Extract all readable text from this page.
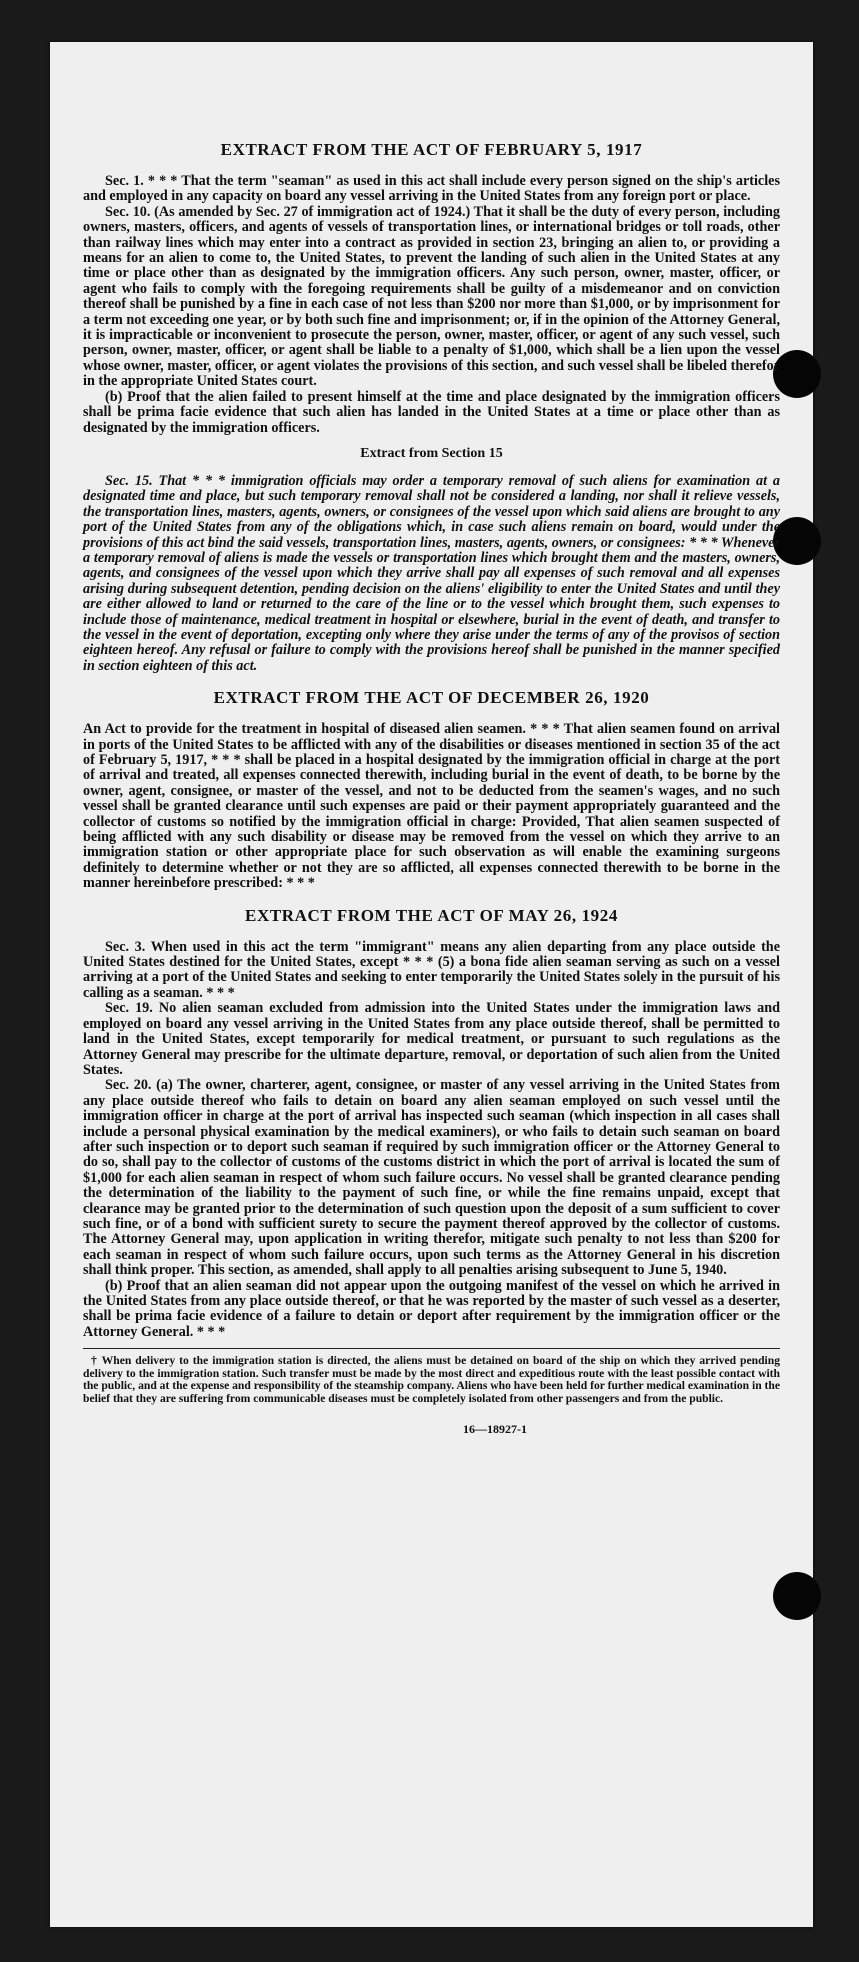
EXTRACT FROM THE ACT OF FEBRUARY 5, 1917

Sec. 1. * * * That the term "seaman" as used in this act shall include every person signed on the ship's articles and employed in any capacity on board any vessel arriving in the United States from any foreign port or place.

Sec. 10. (As amended by Sec. 27 of immigration act of 1924.) That it shall be the duty of every person, including owners, masters, officers, and agents of vessels of transportation lines, or international bridges or toll roads, other than railway lines which may enter into a contract as provided in section 23, bringing an alien to, or providing a means for an alien to come to, the United States, to prevent the landing of such alien in the United States at any time or place other than as designated by the immigration officers. Any such person, owner, master, officer, or agent who fails to comply with the foregoing requirements shall be guilty of a misdemeanor and on conviction thereof shall be punished by a fine in each case of not less than $200 nor more than $1,000, or by imprisonment for a term not exceeding one year, or by both such fine and imprisonment; or, if in the opinion of the Attorney General, it is impracticable or inconvenient to prosecute the person, owner, master, officer, or agent of any such vessel, such person, owner, master, officer, or agent shall be liable to a penalty of $1,000, which shall be a lien upon the vessel whose owner, master, officer, or agent violates the provisions of this section, and such vessel shall be libeled therefor in the appropriate United States court.

(b) Proof that the alien failed to present himself at the time and place designated by the immigration officers shall be prima facie evidence that such alien has landed in the United States at a time or place other than as designated by the immigration officers.

Extract from Section 15

Sec. 15. That * * * immigration officials may order a temporary removal of such aliens for examination at a designated time and place, but such temporary removal shall not be considered a landing, nor shall it relieve vessels, the transportation lines, masters, agents, owners, or consignees of the vessel upon which said aliens are brought to any port of the United States from any of the obligations which, in case such aliens remain on board, would under the provisions of this act bind the said vessels, transportation lines, masters, agents, owners, or consignees: * * * Whenever a temporary removal of aliens is made the vessels or transportation lines which brought them and the masters, owners, agents, and consignees of the vessel upon which they arrive shall pay all expenses of such removal and all expenses arising during subsequent detention, pending decision on the aliens' eligibility to enter the United States and until they are either allowed to land or returned to the care of the line or to the vessel which brought them, such expenses to include those of maintenance, medical treatment in hospital or elsewhere, burial in the event of death, and transfer to the vessel in the event of deportation, excepting only where they arise under the terms of any of the provisos of section eighteen hereof. Any refusal or failure to comply with the provisions hereof shall be punished in the manner specified in section eighteen of this act.

EXTRACT FROM THE ACT OF DECEMBER 26, 1920

An Act to provide for the treatment in hospital of diseased alien seamen. * * * That alien seamen found on arrival in ports of the United States to be afflicted with any of the disabilities or diseases mentioned in section 35 of the act of February 5, 1917, * * * shall be placed in a hospital designated by the immigration official in charge at the port of arrival and treated, all expenses connected therewith, including burial in the event of death, to be borne by the owner, agent, consignee, or master of the vessel, and not to be deducted from the seamen's wages, and no such vessel shall be granted clearance until such expenses are paid or their payment appropriately guaranteed and the collector of customs so notified by the immigration official in charge: Provided, That alien seamen suspected of being afflicted with any such disability or disease may be removed from the vessel on which they arrive to an immigration station or other appropriate place for such observation as will enable the examining surgeons definitely to determine whether or not they are so afflicted, all expenses connected therewith to be borne in the manner hereinbefore prescribed: * * *

EXTRACT FROM THE ACT OF MAY 26, 1924

Sec. 3. When used in this act the term "immigrant" means any alien departing from any place outside the United States destined for the United States, except * * * (5) a bona fide alien seaman serving as such on a vessel arriving at a port of the United States and seeking to enter temporarily the United States solely in the pursuit of his calling as a seaman. * * *

Sec. 19. No alien seaman excluded from admission into the United States under the immigration laws and employed on board any vessel arriving in the United States from any place outside thereof, shall be permitted to land in the United States, except temporarily for medical treatment, or pursuant to such regulations as the Attorney General may prescribe for the ultimate departure, removal, or deportation of such alien from the United States.

Sec. 20. (a) The owner, charterer, agent, consignee, or master of any vessel arriving in the United States from any place outside thereof who fails to detain on board any alien seaman employed on such vessel until the immigration officer in charge at the port of arrival has inspected such seaman (which inspection in all cases shall include a personal physical examination by the medical examiners), or who fails to detain such seaman on board after such inspection or to deport such seaman if required by such immigration officer or the Attorney General to do so, shall pay to the collector of customs of the customs district in which the port of arrival is located the sum of $1,000 for each alien seaman in respect of whom such failure occurs. No vessel shall be granted clearance pending the determination of the liability to the payment of such fine, or while the fine remains unpaid, except that clearance may be granted prior to the determination of such question upon the deposit of a sum sufficient to cover such fine, or of a bond with sufficient surety to secure the payment thereof approved by the collector of customs. The Attorney General may, upon application in writing therefor, mitigate such penalty to not less than $200 for each seaman in respect of whom such failure occurs, upon such terms as the Attorney General in his discretion shall think proper. This section, as amended, shall apply to all penalties arising subsequent to June 5, 1940.

(b) Proof that an alien seaman did not appear upon the outgoing manifest of the vessel on which he arrived in the United States from any place outside thereof, or that he was reported by the master of such vessel as a deserter, shall be prima facie evidence of a failure to detain or deport after requirement by the immigration officer or the Attorney General. * * *

† When delivery to the immigration station is directed, the aliens must be detained on board of the ship on which they arrived pending delivery to the immigration station. Such transfer must be made by the most direct and expeditious route with the least possible contact with the public, and at the expense and responsibility of the steamship company. Aliens who have been held for further medical examination in the belief that they are suffering from communicable diseases must be completely isolated from other passengers and from the public.
16—18927-1
